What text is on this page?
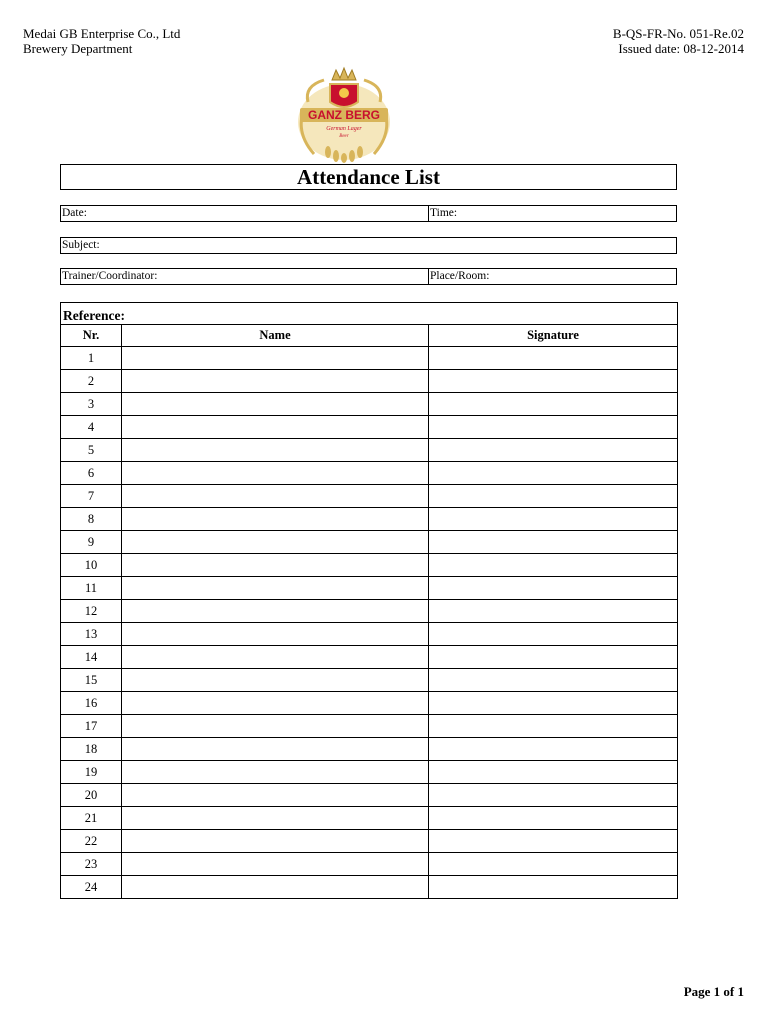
Medai GB Enterprise Co., Ltd
Brewery Department
B-QS-FR-No. 051-Re.02
Issued date: 08-12-2014
GANZ BERG
German Lager
Beer
Attendance List
Date:	Time:
Subject:
Trainer/Coordinator:	Place/Room:
Reference:		
Nr.	Name	Signature
1		
2		
3		
4		
5		
6		
7		
8		
9		
10		
11		
12		
13		
14		
15		
16		
17		
18		
19		
20		
21		
22		
23		
24		
Page 1 of 1
